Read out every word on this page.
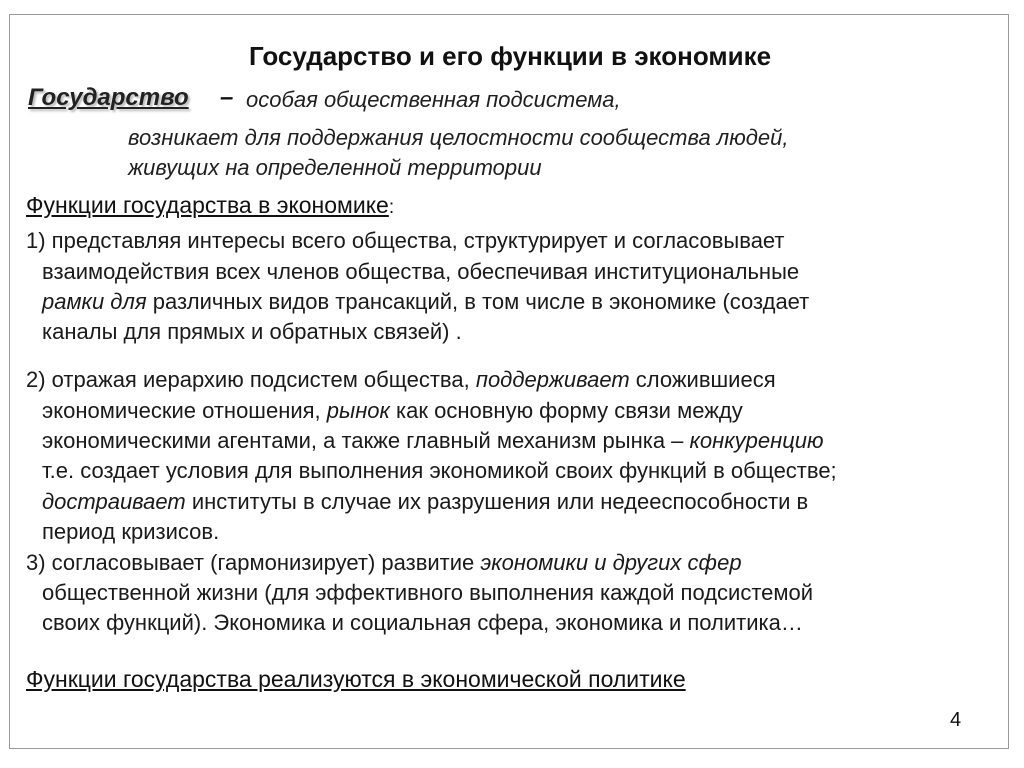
Государство и его функции в экономике
Государство – особая общественная подсистема,
возникает для поддержания целостности сообщества людей,
живущих на определенной территории
Функции государства в экономике:
1) представляя интересы всего общества, структурирует и согласовывает
взаимодействия всех членов общества, обеспечивая институциональные
рамки для различных видов трансакций, в том числе в экономике (создает
каналы для прямых и обратных связей) .
2) отражая иерархию подсистем общества, поддерживает сложившиеся
экономические отношения, рынок как основную форму связи между
экономическими агентами, а также главный механизм рынка – конкуренцию
т.е. создает условия для выполнения экономикой своих функций в обществе;
достраивает институты в случае их разрушения или недееспособности в
период кризисов.
3) согласовывает (гармонизирует) развитие экономики и других сфер
общественной жизни (для эффективного выполнения каждой подсистемой
своих функций). Экономика и социальная сфера, экономика и политика…
Функции государства реализуются в экономической политике
4
